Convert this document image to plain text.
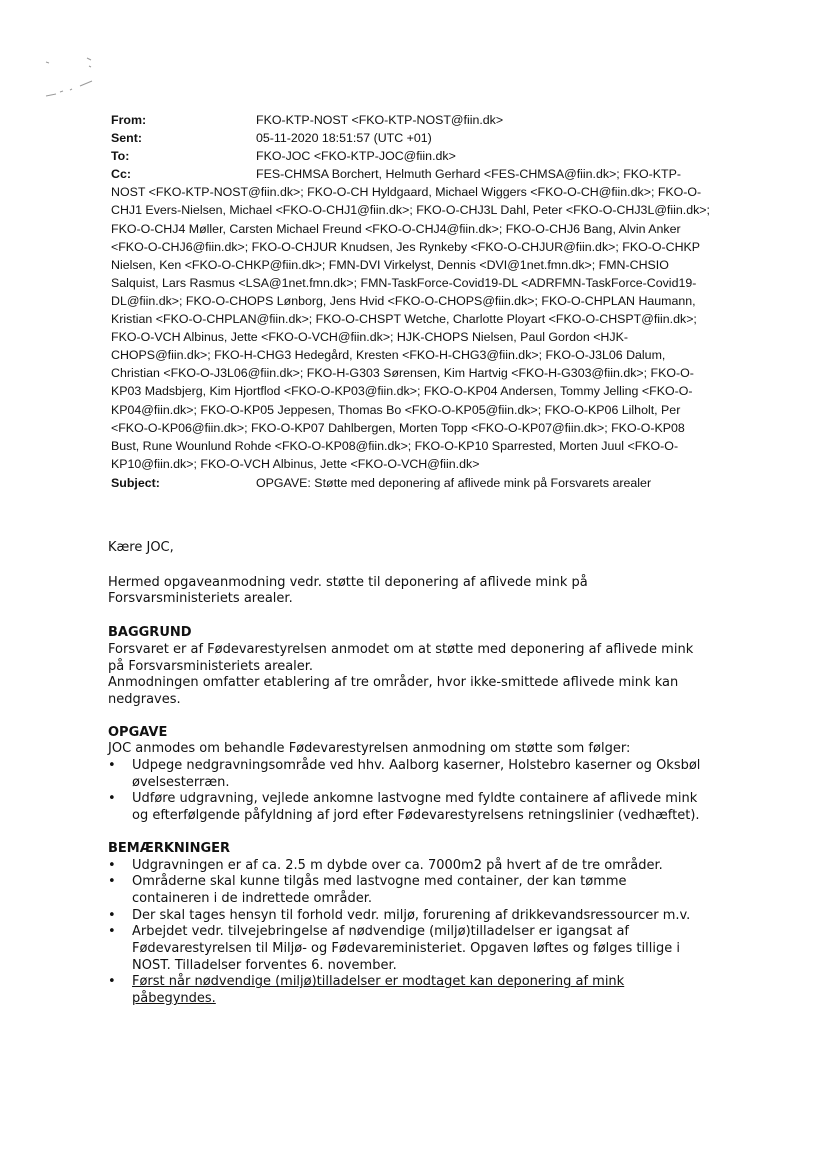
From:	FKO-KTP-NOST <FKO-KTP-NOST@fiin.dk>
Sent:	05-11-2020 18:51:57 (UTC +01)
To:	FKO-JOC <FKO-KTP-JOC@fiin.dk>
Cc:	FES-CHMSA Borchert, Helmuth Gerhard <FES-CHMSA@fiin.dk>; FKO-KTP-NOST <FKO-KTP-NOST@fiin.dk>; FKO-O-CH Hyldgaard, Michael Wiggers <FKO-O-CH@fiin.dk>; FKO-O-CHJ1 Evers-Nielsen, Michael <FKO-O-CHJ1@fiin.dk>; FKO-O-CHJ3L Dahl, Peter <FKO-O-CHJ3L@fiin.dk>; FKO-O-CHJ4 Møller, Carsten Michael Freund <FKO-O-CHJ4@fiin.dk>; FKO-O-CHJ6 Bang, Alvin Anker <FKO-O-CHJ6@fiin.dk>; FKO-O-CHJUR Knudsen, Jes Rynkeby <FKO-O-CHJUR@fiin.dk>; FKO-O-CHKP Nielsen, Ken <FKO-O-CHKP@fiin.dk>; FMN-DVI Virkelyst, Dennis <DVI@1net.fmn.dk>; FMN-CHSIO Salquist, Lars Rasmus <LSA@1net.fmn.dk>; FMN-TaskForce-Covid19-DL <ADRFMN-TaskForce-Covid19-DL@fiin.dk>; FKO-O-CHOPS Lønborg, Jens Hvid <FKO-O-CHOPS@fiin.dk>; FKO-O-CHPLAN Haumann, Kristian <FKO-O-CHPLAN@fiin.dk>; FKO-O-CHSPT Wetche, Charlotte Ployart <FKO-O-CHSPT@fiin.dk>; FKO-O-VCH Albinus, Jette <FKO-O-VCH@fiin.dk>; HJK-CHOPS Nielsen, Paul Gordon <HJK-CHOPS@fiin.dk>; FKO-H-CHG3 Hedegård, Kresten <FKO-H-CHG3@fiin.dk>; FKO-O-J3L06 Dalum, Christian <FKO-O-J3L06@fiin.dk>; FKO-H-G303 Sørensen, Kim Hartvig <FKO-H-G303@fiin.dk>; FKO-O-KP03 Madsbjerg, Kim Hjortflod <FKO-O-KP03@fiin.dk>; FKO-O-KP04 Andersen, Tommy Jelling <FKO-O-KP04@fiin.dk>; FKO-O-KP05 Jeppesen, Thomas Bo <FKO-O-KP05@fiin.dk>; FKO-O-KP06 Lilholt, Per <FKO-O-KP06@fiin.dk>; FKO-O-KP07 Dahlbergen, Morten Topp <FKO-O-KP07@fiin.dk>; FKO-O-KP08 Bust, Rune Wounlund Rohde <FKO-O-KP08@fiin.dk>; FKO-O-KP10 Sparrested, Morten Juul <FKO-O-KP10@fiin.dk>; FKO-O-VCH Albinus, Jette <FKO-O-VCH@fiin.dk>
Subject:	OPGAVE: Støtte med deponering af aflivede mink på Forsvarets arealer

Kære JOC,

Hermed opgaveanmodning vedr. støtte til deponering af aflivede mink på Forsvarsministeriets arealer.

BAGGRUND

Forsvaret er af Fødevarestyrelsen anmodet om at støtte med deponering af aflivede mink på Forsvarsministeriets arealer.

Anmodningen omfatter etablering af tre områder, hvor ikke-smittede aflivede mink kan nedgraves.

OPGAVE

JOC anmodes om behandle Fødevarestyrelsen anmodning om støtte som følger:

• Udpege nedgravningsområde ved hhv. Aalborg kaserner, Holstebro kaserner og Oksbøl øvelsesterræn.
• Udføre udgravning, vejlede ankomne lastvogne med fyldte containere af aflivede mink og efterfølgende påfyldning af jord efter Fødevarestyrelsens retningslinier (vedhæftet).

BEMÆRKNINGER

• Udgravningen er af ca. 2.5 m dybde over ca. 7000m2 på hvert af de tre områder.
• Områderne skal kunne tilgås med lastvogne med container, der kan tømme containeren i de indrettede områder.
• Der skal tages hensyn til forhold vedr. miljø, forurening af drikkevandsressourcer m.v.
• Arbejdet vedr. tilvejebringelse af nødvendige (miljø)tilladelser er igangsat af Fødevarestyrelsen til Miljø- og Fødevareministeriet. Opgaven løftes og følges tillige i NOST. Tilladelser forventes 6. november.
• Først når nødvendige (miljø)tilladelser er modtaget kan deponering af mink påbegyndes.
